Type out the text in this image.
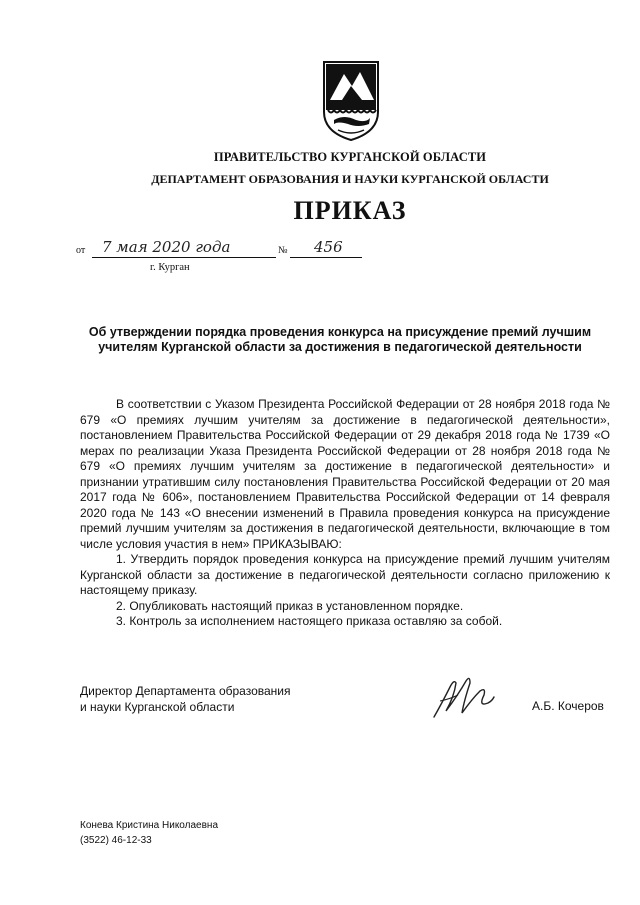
ПРАВИТЕЛЬСТВО КУРГАНСКОЙ ОБЛАСТИ
ДЕПАРТАМЕНТ ОБРАЗОВАНИЯ И НАУКИ КУРГАНСКОЙ ОБЛАСТИ
ПРИКАЗ
от 7 мая 2020 года	№ 456
г. Курган
Об утверждении порядка проведения конкурса на присуждение премий лучшим учителям Курганской области за достижения в педагогической деятельности

В соответствии с Указом Президента Российской Федерации от 28 ноября 2018 года № 679 «О премиях лучшим учителям за достижение в педагогической деятельности», постановлением Правительства Российской Федерации от 29 декабря 2018 года № 1739 «О мерах по реализации Указа Президента Российской Федерации от 28 ноября 2018 года № 679 «О премиях лучшим учителям за достижение в педагогической деятельности» и признании утратившим силу постановления Правительства Российской Федерации от 20 мая 2017 года № 606», постановлением Правительства Российской Федерации от 14 февраля 2020 года № 143 «О внесении изменений в Правила проведения конкурса на присуждение премий лучшим учителям за достижения в педагогической деятельности, включающие в том числе условия участия в нем» ПРИКАЗЫВАЮ:

1. Утвердить порядок проведения конкурса на присуждение премий лучшим учителям Курганской области за достижение в педагогической деятельности согласно приложению к настоящему приказу.

2. Опубликовать настоящий приказ в установленном порядке.

3. Контроль за исполнением настоящего приказа оставляю за собой.

Директор Департамента образования
и науки Курганской области	А.Б. Кочеров
Конева Кристина Николаевна
(3522) 46-12-33
